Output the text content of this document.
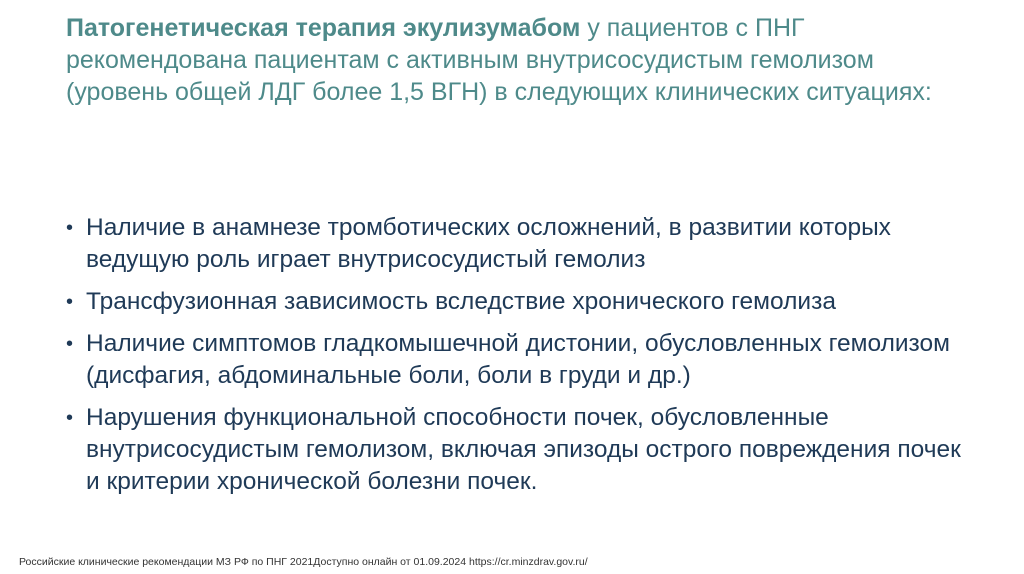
Патогенетическая терапия экулизумабом у пациентов с ПНГ рекомендована пациентам с активным внутрисосудистым гемолизом (уровень общей ЛДГ более 1,5 ВГН) в следующих клинических ситуациях:
• Наличие в анамнезе тромботических осложнений, в развитии которых ведущую роль играет внутрисосудистый гемолиз
• Трансфузионная зависимость вследствие хронического гемолиза
• Наличие симптомов гладкомышечной дистонии, обусловленных гемолизом (дисфагия, абдоминальные боли, боли в груди и др.)
• Нарушения функциональной способности почек, обусловленные внутрисосудистым гемолизом, включая эпизоды острого повреждения почек и критерии хронической болезни почек.
Российские клинические рекомендации МЗ РФ по ПНГ 2021Доступно онлайн от 01.09.2024 https://cr.minzdrav.gov.ru/
